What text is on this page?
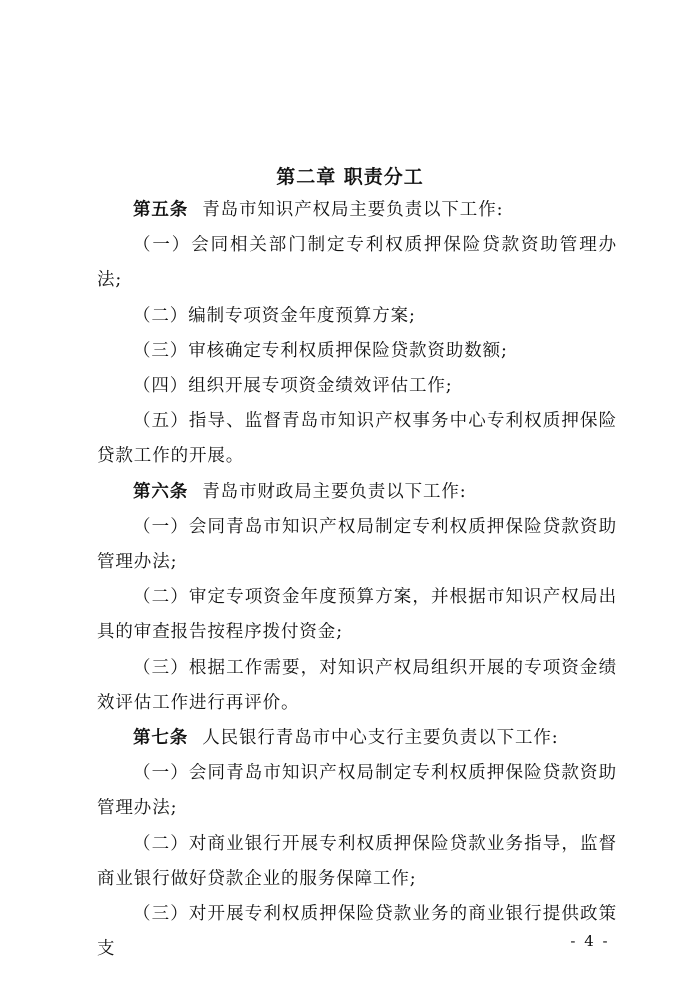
第二章 职责分工

第五条 青岛市知识产权局主要负责以下工作:

（一）会同相关部门制定专利权质押保险贷款资助管理办法;

（二）编制专项资金年度预算方案;

（三）审核确定专利权质押保险贷款资助数额;

（四）组织开展专项资金绩效评估工作;

（五）指导、监督青岛市知识产权事务中心专利权质押保险贷款工作的开展。

第六条 青岛市财政局主要负责以下工作:

（一）会同青岛市知识产权局制定专利权质押保险贷款资助管理办法;

（二）审定专项资金年度预算方案，并根据市知识产权局出具的审查报告按程序拨付资金;

（三）根据工作需要，对知识产权局组织开展的专项资金绩效评估工作进行再评价。

第七条 人民银行青岛市中心支行主要负责以下工作:

（一）会同青岛市知识产权局制定专利权质押保险贷款资助管理办法;

（二）对商业银行开展专利权质押保险贷款业务指导，监督商业银行做好贷款企业的服务保障工作;

（三）对开展专利权质押保险贷款业务的商业银行提供政策支	- 4 -
